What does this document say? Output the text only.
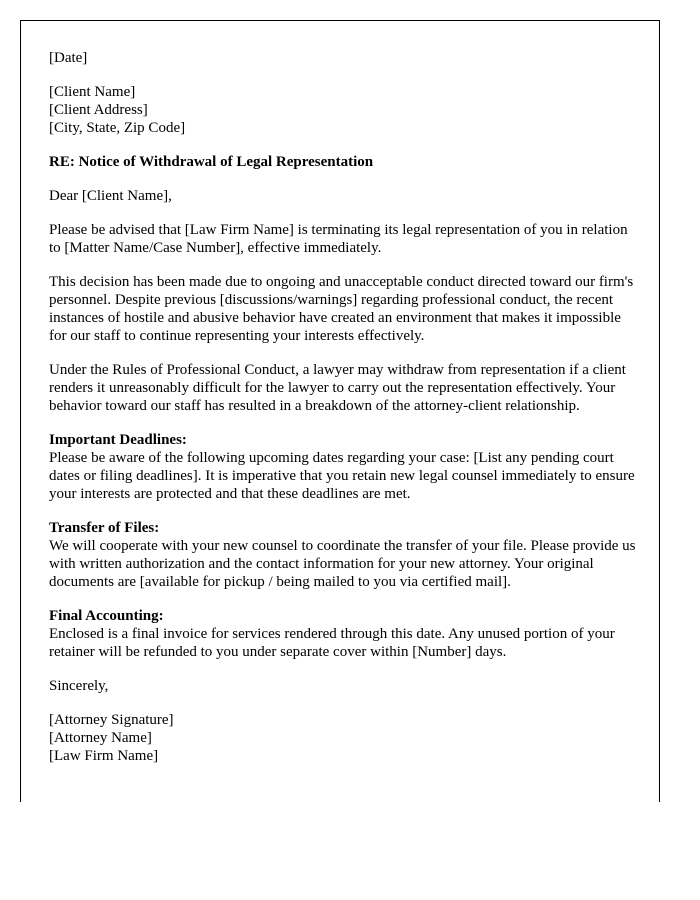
[Date]
[Client Name]
[Client Address]
[City, State, Zip Code]
RE: Notice of Withdrawal of Legal Representation
Dear [Client Name],

Please be advised that [Law Firm Name] is terminating its legal representation of you in relation to [Matter Name/Case Number], effective immediately.

This decision has been made due to ongoing and unacceptable conduct directed toward our firm's personnel. Despite previous [discussions/warnings] regarding professional conduct, the recent instances of hostile and abusive behavior have created an environment that makes it impossible for our staff to continue representing your interests effectively.

Under the Rules of Professional Conduct, a lawyer may withdraw from representation if a client renders it unreasonably difficult for the lawyer to carry out the representation effectively. Your behavior toward our staff has resulted in a breakdown of the attorney-client relationship.

Important Deadlines:
Please be aware of the following upcoming dates regarding your case: [List any pending court dates or filing deadlines]. It is imperative that you retain new legal counsel immediately to ensure your interests are protected and that these deadlines are met.
Transfer of Files:
We will cooperate with your new counsel to coordinate the transfer of your file. Please provide us with written authorization and the contact information for your new attorney. Your original documents are [available for pickup / being mailed to you via certified mail].
Final Accounting:
Enclosed is a final invoice for services rendered through this date. Any unused portion of your retainer will be refunded to you under separate cover within [Number] days.
Sincerely,
[Attorney Signature]
[Attorney Name]
[Law Firm Name]
